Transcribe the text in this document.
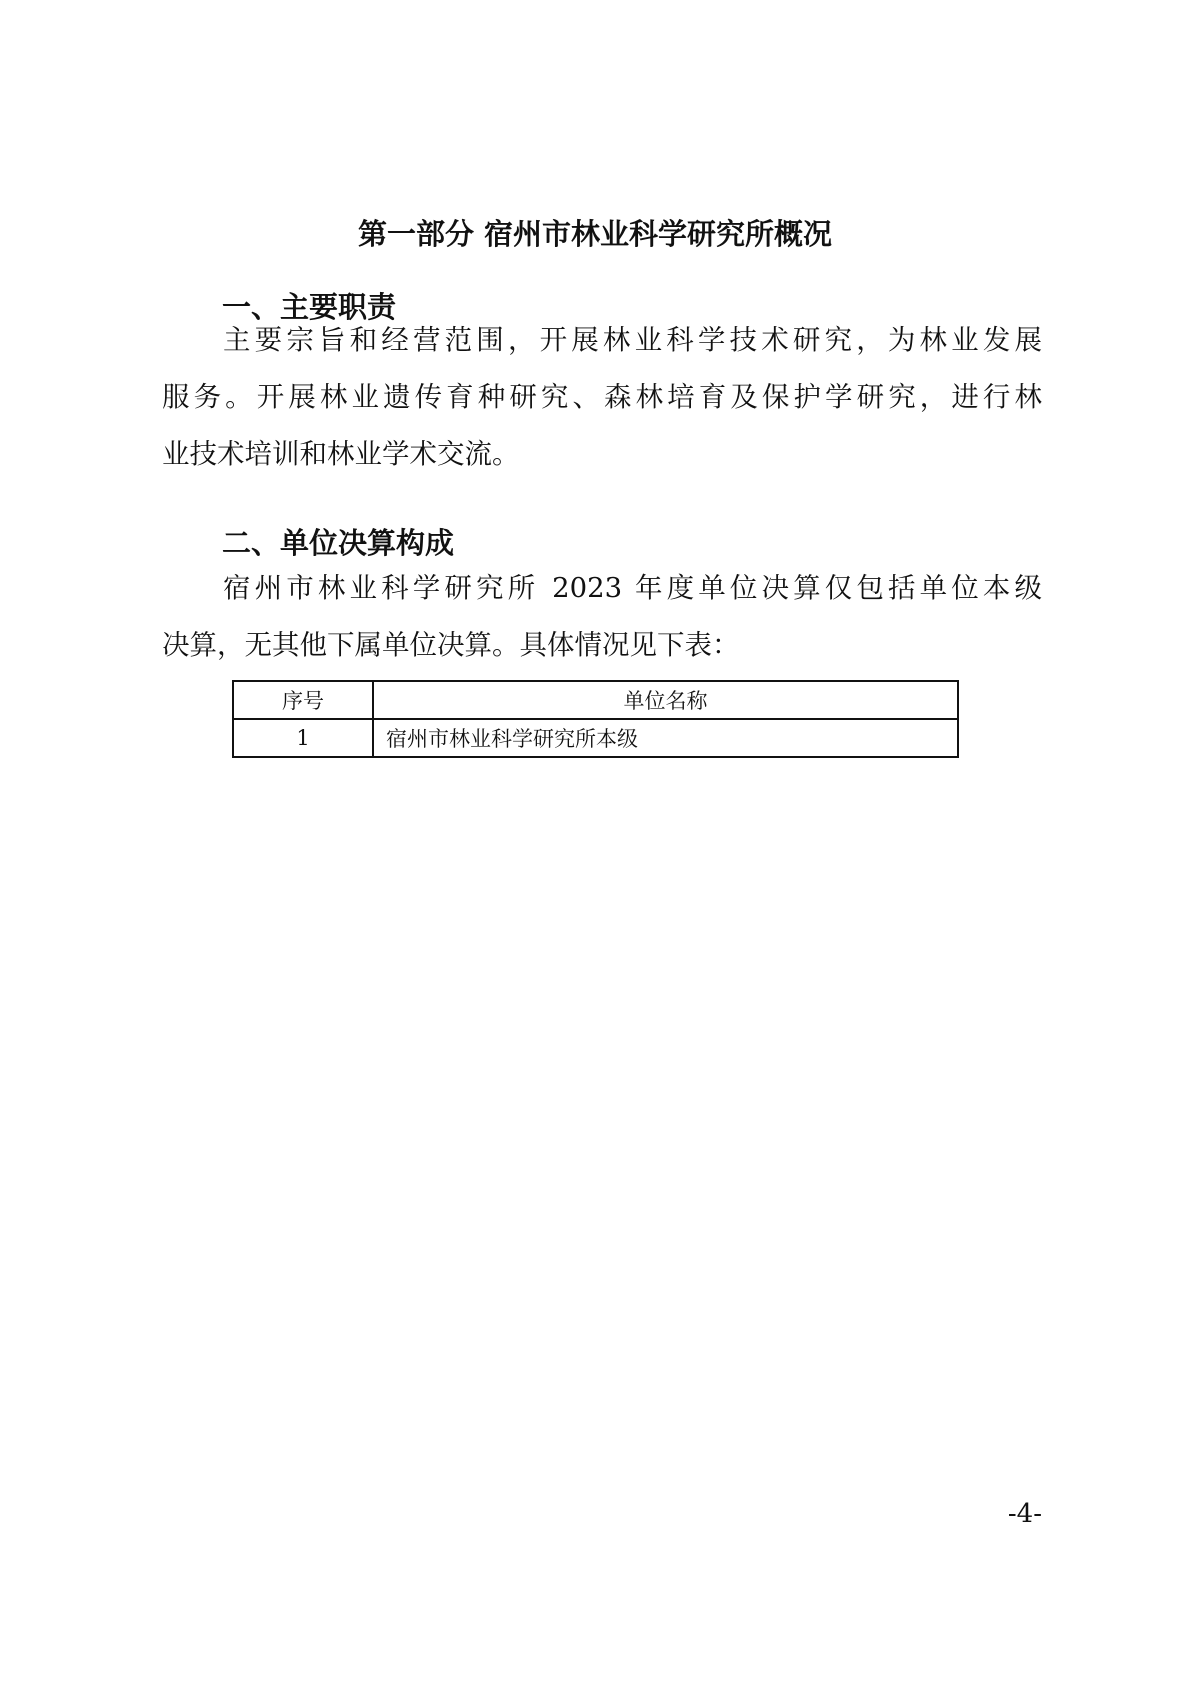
第一部分 宿州市林业科学研究所概况
一、主要职责
主要宗旨和经营范围，开展林业科学技术研究，为林业发展
服务。开展林业遗传育种研究、森林培育及保护学研究，进行林
业技术培训和林业学术交流。
二、单位决算构成
宿州市林业科学研究所 2023 年度单位决算仅包括单位本级
决算，无其他下属单位决算。具体情况见下表：
序号	单位名称
1	宿州市林业科学研究所本级
-4-
